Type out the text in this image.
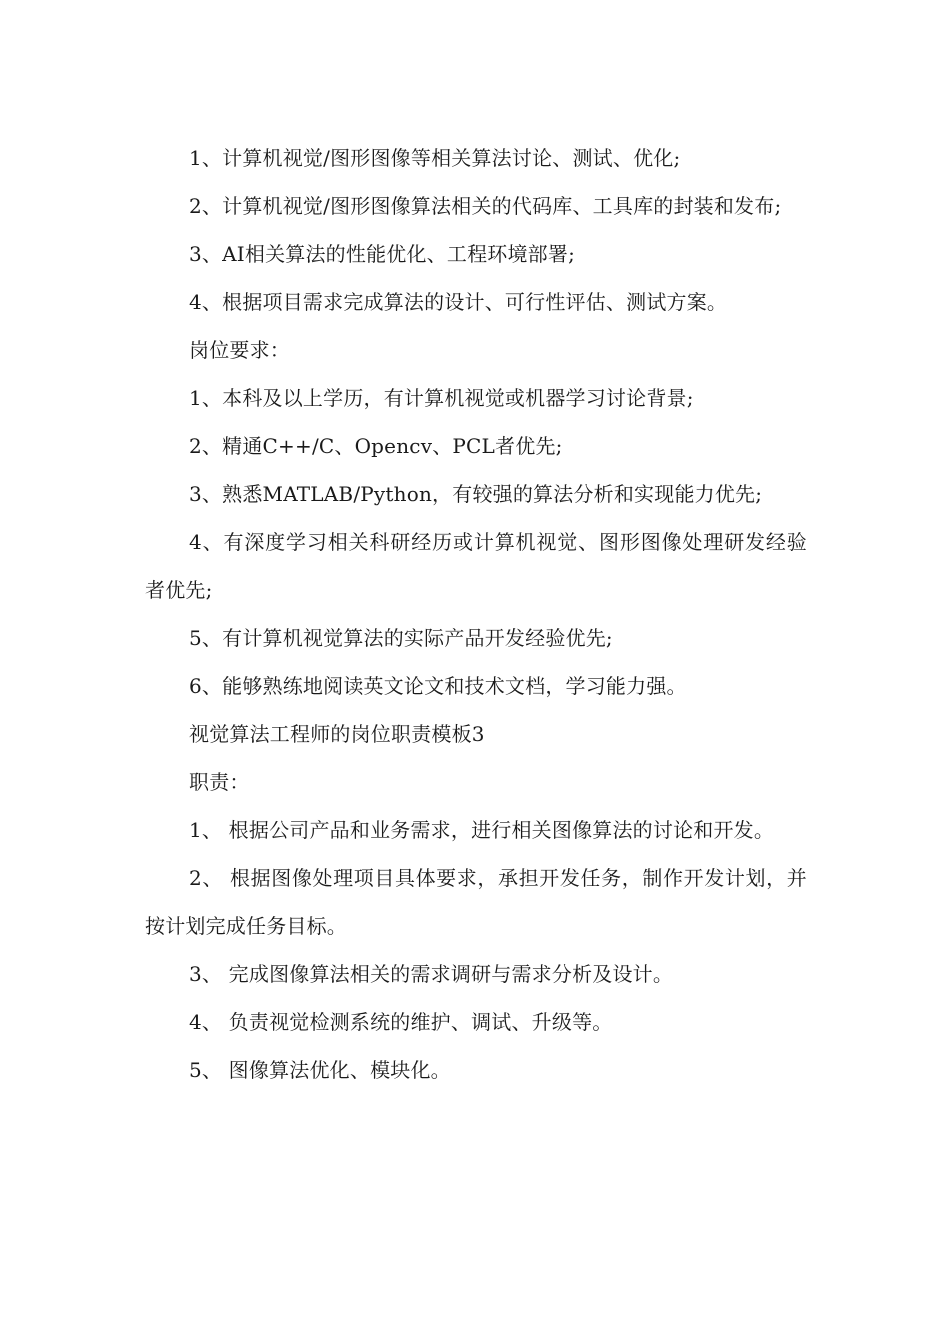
1、计算机视觉/图形图像等相关算法讨论、测试、优化;

2、计算机视觉/图形图像算法相关的代码库、工具库的封装和发布;

3、AI相关算法的性能优化、工程环境部署;

4、根据项目需求完成算法的设计、可行性评估、测试方案。

岗位要求：

1、本科及以上学历，有计算机视觉或机器学习讨论背景;

2、精通C++/C、Opencv、PCL者优先;

3、熟悉MATLAB/Python，有较强的算法分析和实现能力优先;

4、有深度学习相关科研经历或计算机视觉、图形图像处理研发经验者优先;

5、有计算机视觉算法的实际产品开发经验优先;

6、能够熟练地阅读英文论文和技术文档，学习能力强。

视觉算法工程师的岗位职责模板3

职责：

1、 根据公司产品和业务需求，进行相关图像算法的讨论和开发。

2、 根据图像处理项目具体要求，承担开发任务，制作开发计划，并按计划完成任务目标。

3、 完成图像算法相关的需求调研与需求分析及设计。

4、 负责视觉检测系统的维护、调试、升级等。

5、 图像算法优化、模块化。
